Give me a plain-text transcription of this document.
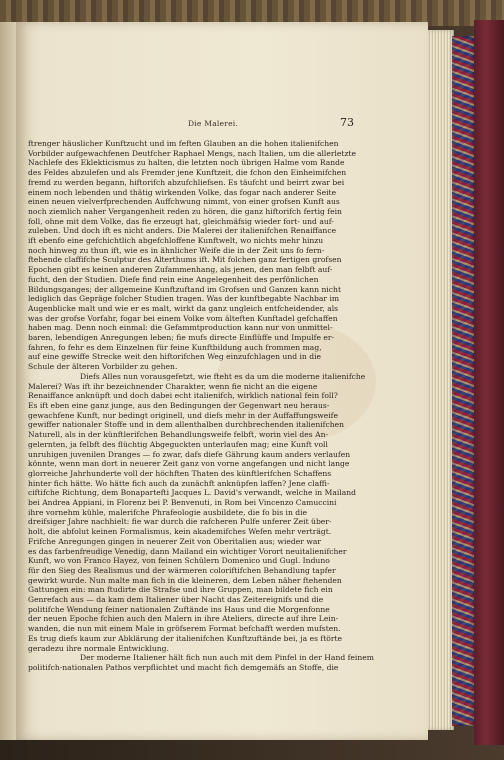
Die Malerei.	73

ftrenger häuslicher Kunftzucht und im feften Glauben an die hohen italienifchen

Vorbilder aufgewachfenen Deutfcher Raphael Mengs, nach Italien, um die allerletzte

Nachlefe des Eklekticismus zu halten, die letzten noch übrigen Halme vom Rande

des Feldes abzulefen und als Fremder jene Kunftzeit, die fchon den Einheimifchen

fremd zu werden begann, hiftorifch abzufchliefsen. Es täufcht und beirrt zwar bei

einem noch lebenden und thätig wirkenden Volke, das fogar nach anderer Seite

einen neuen vielverfprechenden Auffchwung nimmt, von einer grofsen Kunft aus

noch ziemlich naher Vergangenheit reden zu hören, die ganz hiftorifch fertig fein

foll, ohne mit dem Volke, das fie erzeugt hat, gleichmäfsig wieder fort- und auf-

zuleben. Und doch ift es nicht anders. Die Malerei der italienifchen Renaiffance

ift ebenfo eine gefchichtlich abgefchloffene Kunftwelt, wo nichts mehr hinzu

noch hinweg zu thun ift, wie es in ähnlicher Weife die in der Zeit uns fo fern-

ftehende claffifche Sculptur des Alterthums ift. Mit folchen ganz fertigen grofsen

Epochen gibt es keinen anderen Zufammenhang, als jenen, den man felbft auf-

fucht, den der Studien. Diefe find rein eine Angelegenheit des perfönlichen

Bildungsganges; der allgemeine Kunftzuftand im Grofsen und Ganzen kann nicht

lediglich das Gepräge folcher Studien tragen. Was der kunftbegabte Nachbar im

Augenblicke malt und wie er es malt, wirkt da ganz ungleich entfcheidender, als

was der grofse Vorfahr, fogar bei einem Volke vom älteften Kunftadel gefchaffen

haben mag. Denn noch einmal: die Gefammtproduction kann nur von unmittel-

baren, lebendigen Anregungen leben; fie mufs directe Einflüffe und Impulfe er-

fahren, fo fehr es dem Einzelnen für feine Kunftbildung auch frommen mag,

auf eine gewiffe Strecke weit den hiftorifchen Weg einzufchlagen und in die

Schule der älteren Vorbilder zu gehen.

Diefs Alles nun vorausgefetzt, wie fteht es da um die moderne italienifche

Malerei? Was ift ihr bezeichnender Charakter, wenn fie nicht an die eigene

Renaiffance anknüpft und doch dabei echt italienifch, wirklich national fein foll?

Es ift eben eine ganz junge, aus den Bedingungen der Gegenwart neu heraus-

gewachfene Kunft, nur bedingt originell, und diefs mehr in der Auffaffungsweife

gewiffer nationaler Stoffe und in dem allenthalben durchbrechenden italienifchen

Naturell, als in der künftlerifchen Behandlungsweife felbft, worin viel des An-

gelernten, ja felbft des flüchtig Abgeguckten unterlaufen mag; eine Kunft voll

unruhigen juvenilen Dranges — fo zwar, dafs diefe Gährung kaum anders verlaufen

könnte, wenn man dort in neuerer Zeit ganz von vorne angefangen und nicht lange

glorreiche Jahrhunderte voll der höchften Thaten des künftlerifchen Schaffens

hinter fich hätte. Wo hätte fich auch da zunächft anknüpfen laffen? Jene claffi-

ciftifche Richtung, dem Bonapartefti Jacques L. David's verwandt, welche in Mailand

bei Andrea Appiani, in Florenz bei P. Benvenuti, in Rom bei Vincenzo Camuccini

ihre vornehm kühle, malerifche Phrafeologie ausbildete, die fo bis in die

dreifsiger Jahre nachhielt: fie war durch die rafcheren Pulfe unferer Zeit über-

holt, die abfolut keinen Formalismus, kein akademifches Wefen mehr verträgt.

Frifche Anregungen gingen in neuerer Zeit von Oberitalien aus; wieder war

es das farbenfreudige Venedig, dann Mailand ein wichtiger Vorort neuitalienifcher

Kunft, wo von Franco Hayez, von feinen Schülern Domenico und Gugl. Induno

für den Sieg des Realismus und der wärmeren coloriftifchen Behandlung tapfer

gewirkt wurde. Nun malte man fich in die kleineren, dem Leben näher ftehenden

Gattungen ein: man ftudirte die Strafse und ihre Gruppen, man bildete fich ein

Genrefach aus — da kam dem Italiener über Nacht das Zeitereignifs und die

politifche Wendung feiner nationalen Zuftände ins Haus und die Morgenfonne

der neuen Epoche fchien auch den Malern in ihre Ateliers, directe auf ihre Lein-

wanden, die nun mit einem Male in gröfserem Format befchafft werden mufsten.

Es trug diefs kaum zur Abklärung der italienifchen Kunftzuftände bei, ja es ftörte

geradezu ihre normale Entwicklung.

Der moderne Italiener hält fich nun auch mit dem Pinfel in der Hand feinem

politifch-nationalen Pathos verpflichtet und macht fich demgemäfs an Stoffe, die
